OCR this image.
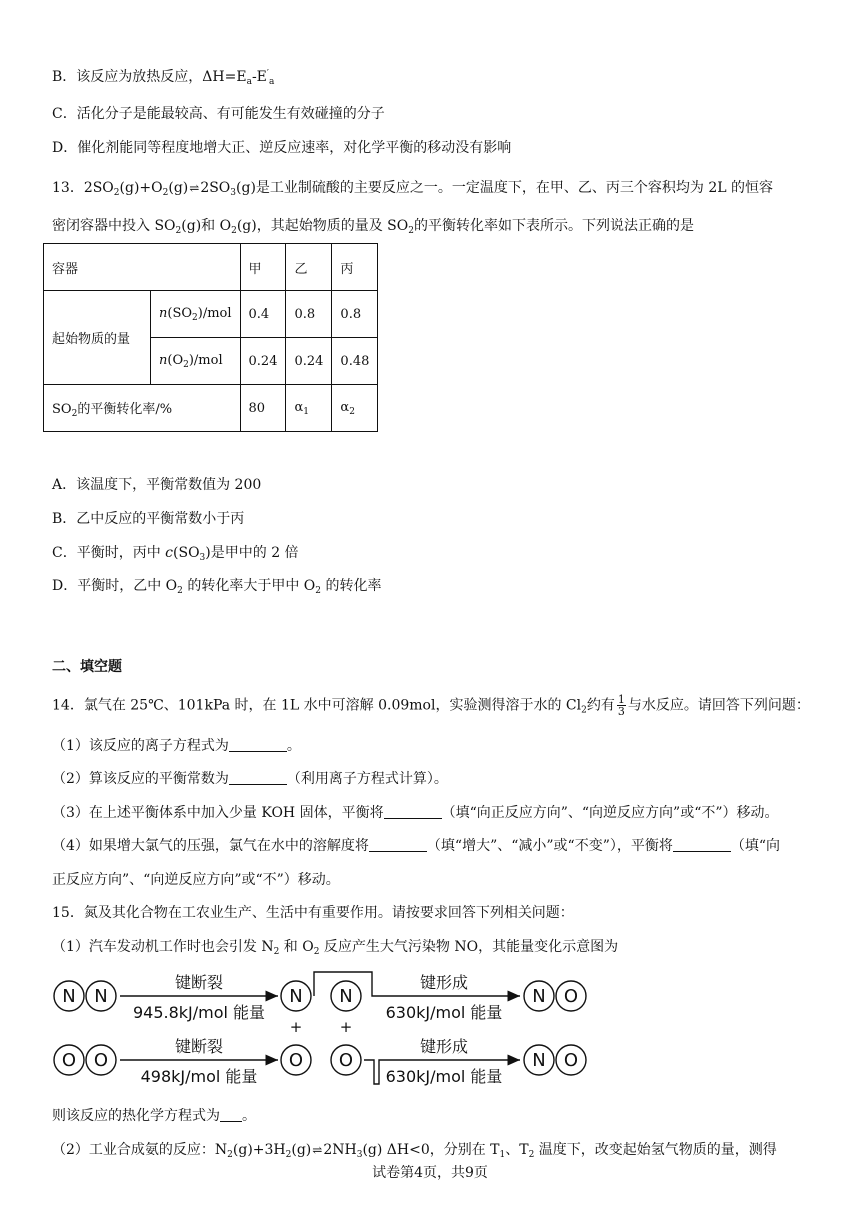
B．该反应为放热反应，$\Delta H=E_a-E'_a$
C．活化分子是能最较高、有可能发生有效碰撞的分子
D．催化剂能同等程度地增大正、逆反应速率，对化学平衡的移动没有影响
13．$2SO_2(g)+O_2(g)\rightleftharpoons 2SO_3(g)$是工业制硫酸的主要反应之一。一定温度下，在甲、乙、丙三个容积均为 2L 的恒容
密闭容器中投入 $SO_2(g)$和 $O_2(g)$，其起始物质的量及 $SO_2$的平衡转化率如下表所示。下列说法正确的是
容器		甲	乙	丙
起始物质的量	$n(SO_2)$/mol	0.4	0.8	0.8
	$n(O_2)$/mol	0.24	0.24	0.48
$SO_2$的平衡转化率/%		80	$\alpha_1$	$\alpha_2$
A．该温度下，平衡常数值为 200
B．乙中反应的平衡常数小于丙
C．平衡时，丙中 $c(SO_3)$是甲中的 2 倍
D．平衡时，乙中 $O_2$ 的转化率大于甲中 $O_2$ 的转化率
二、填空题
14．氯气在 25℃、101kPa 时，在 1L 水中可溶解 0.09mol，实验测得溶于水的 $Cl_2$约有 $\frac{1}{3}$ 与水反应。请回答下列问题：
（1）该反应的离子方程式为	。
（2）算该反应的平衡常数为	（利用离子方程式计算）。
（3）在上述平衡体系中加入少量 KOH 固体，平衡将	（填“向正反应方向”、“向逆反应方向”或“不”）移动。
（4）如果增大氯气的压强，氯气在水中的溶解度将	（填“增大”、“减小”或“不变”），平衡将	（填“向
正反应方向”、“向逆反应方向”或“不”）移动。
15．氮及其化合物在工农业生产、生活中有重要作用。请按要求回答下列相关问题：
（1）汽车发动机工作时也会引发 $N_2$ 和 $O_2$ 反应产生大气污染物 NO，其能量变化示意图为
N N	N N	N O
O O	O O	N O
键断裂
945.8kJ/mol 能量
键形成
630kJ/mol 能量
键断裂
498kJ/mol 能量
键形成
630kJ/mol 能量
+ +
则该反应的热化学方程式为 。
（2）工业合成氨的反应：$N_2(g)+3H_2(g)\rightleftharpoons 2NH_3(g)$ ΔH<0，分别在 $T_1$、$T_2$ 温度下，改变起始氢气物质的量，测得
试卷第4页，共9页
